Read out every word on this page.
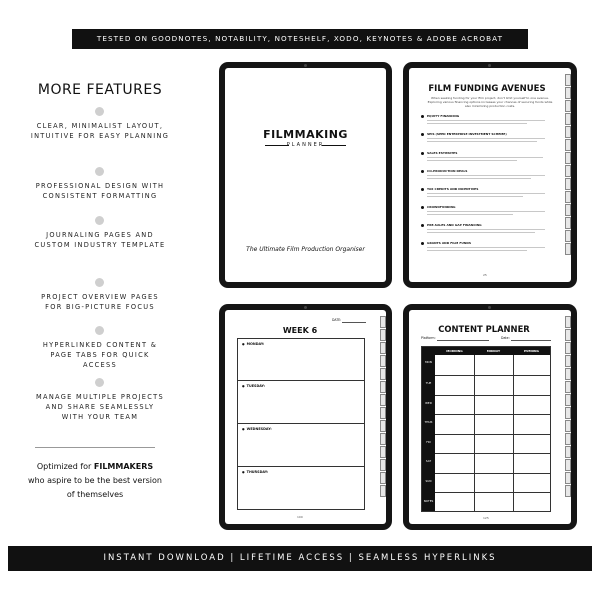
TESTED ON GOODNOTES, NOTABILITY, NOTESHELF, XODO, KEYNOTES & ADOBE ACROBAT
MORE FEATURES
CLEAR, MINIMALIST LAYOUT,
INTUITIVE FOR EASY PLANNING
PROFESSIONAL DESIGN WITH
CONSISTENT FORMATTING
JOURNALING PAGES AND
CUSTOM INDUSTRY TEMPLATE
PROJECT OVERVIEW PAGES
FOR BIG-PICTURE FOCUS
HYPERLINKED CONTENT &
PAGE TABS FOR QUICK
ACCESS
MANAGE MULTIPLE PROJECTS
AND SHARE SEAMLESSLY
WITH YOUR TEAM
Optimized for FILMMAKERS
who aspire to be the best version
of themselves
FILMMAKING
PLANNER
The Ultimate Film Production Organiser
FILM FUNDING AVENUES
When seeking funding for your film project, don't limit yourself to one avenue. Exploring various financing options increases your chances of securing funds while also minimizing production costs.
EQUITY FINANCING
SEIS (SEED ENTERPRISE INVESTMENT SCHEME)
SALES ESTIMATES
CO-PRODUCTION DEALS
TAX CREDITS AND INCENTIVES
CROWDFUNDING
PRE-SALES AND GAP FINANCING
GRANTS AND FILM FUNDS
25
WEEK 6
DATE:
● MONDAY:
● TUESDAY:
● WEDNESDAY:
● THURSDAY:
100
CONTENT PLANNER
Platform:	Date:
MORNING	MIDDAY	EVENING
MON
TUE
WED
THUR
FRI
SAT
SUN
NOTES
125
INSTANT DOWNLOAD | LIFETIME ACCESS | SEAMLESS HYPERLINKS
